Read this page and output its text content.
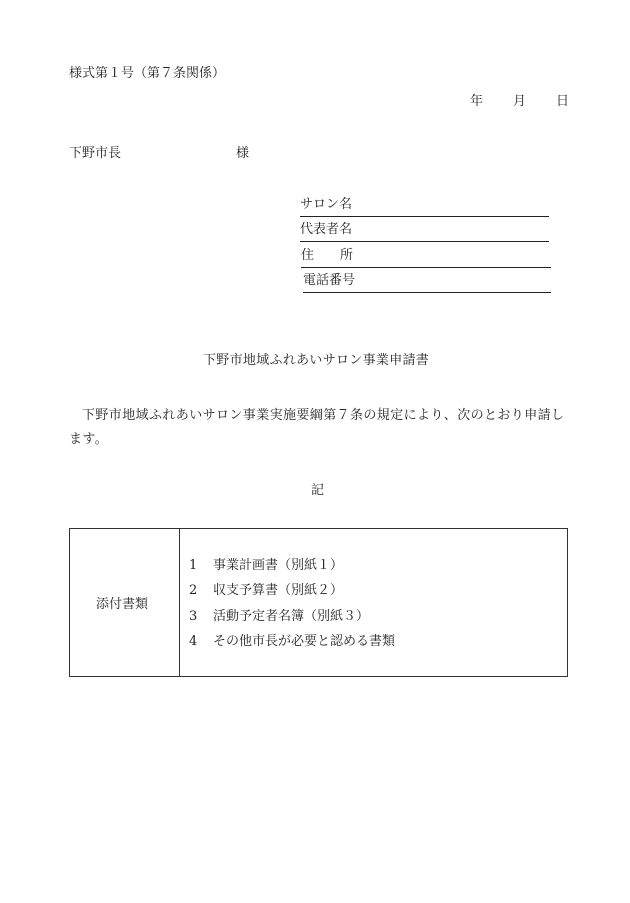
様式第１号（第７条関係）
年 月 日
下野市長	様
サロン名
代表者名
住　　所
電話番号
下野市地域ふれあいサロン事業申請書
下野市地域ふれあいサロン事業実施要綱第７条の規定により、次のとおり申請します。
記
添付書類
1 事業計画書（別紙１）
2 収支予算書（別紙２）
3 活動予定者名簿（別紙３）
4 その他市長が必要と認める書類
